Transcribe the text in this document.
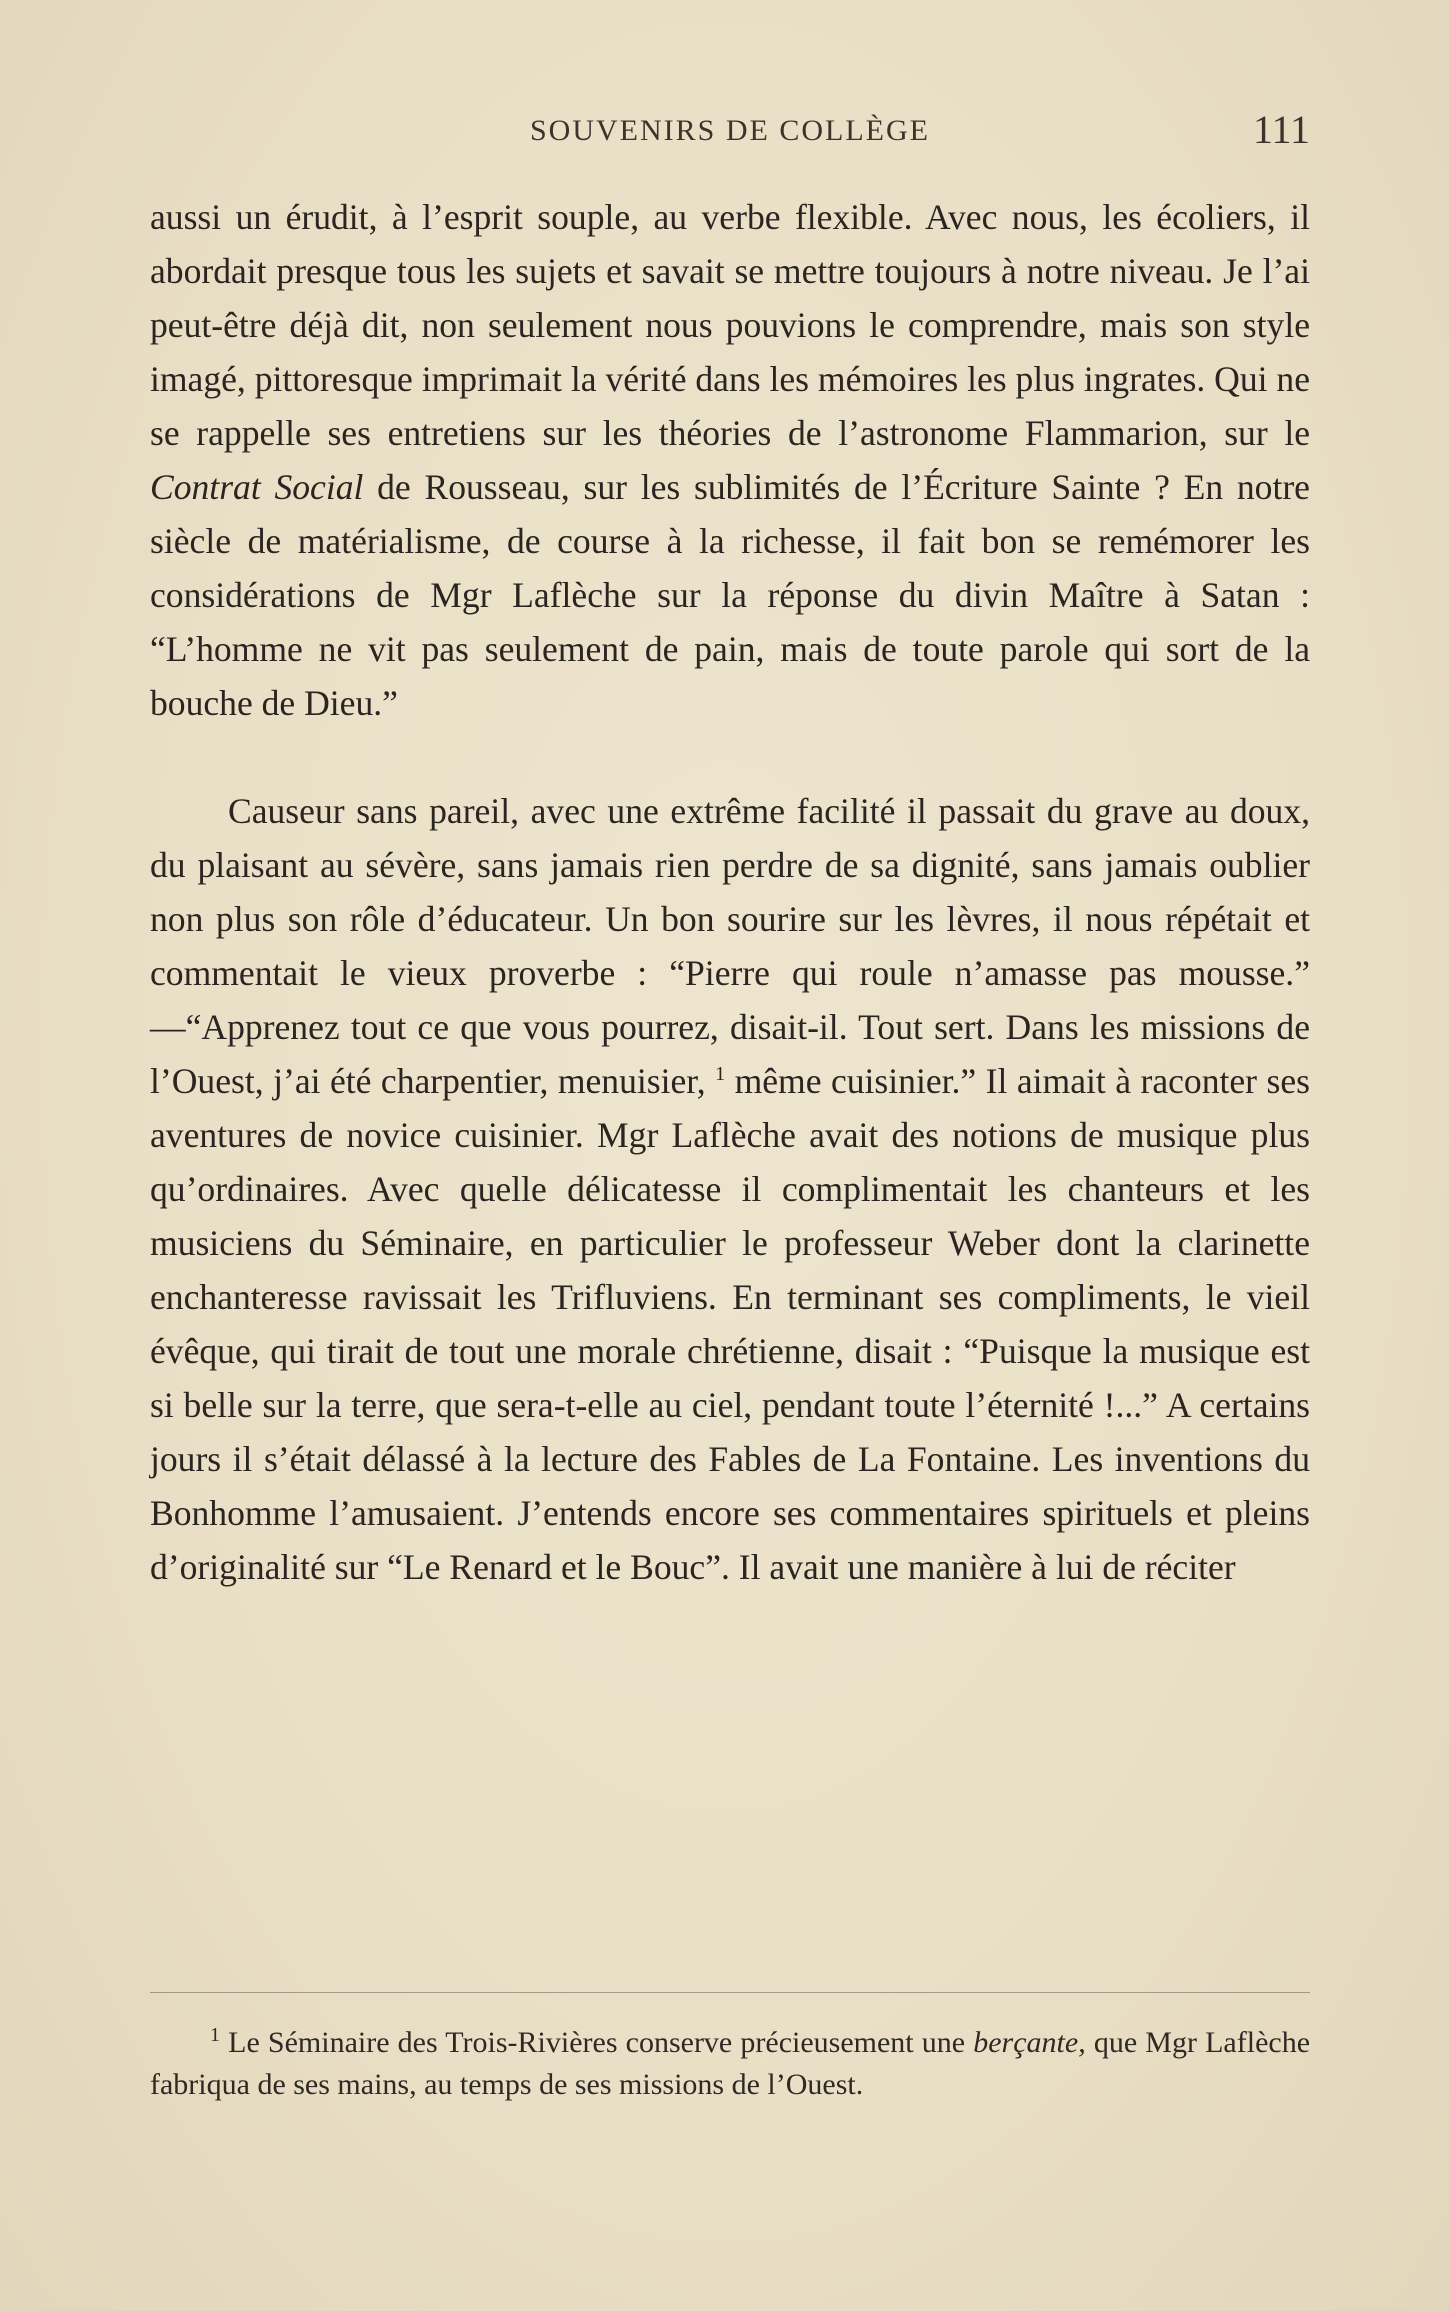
SOUVENIRS DE COLLÈGE	111

aussi un érudit, à l’esprit souple, au verbe flexible. Avec nous, les écoliers, il abordait presque tous les sujets et savait se mettre toujours à notre niveau. Je l’ai peut-être déjà dit, non seulement nous pouvions le comprendre, mais son style imagé, pittoresque imprimait la vérité dans les mémoires les plus ingrates. Qui ne se rappelle ses entretiens sur les théories de l’astronome Flammarion, sur le Contrat Social de Rousseau, sur les sublimités de l’Écriture Sainte ? En notre siècle de matérialisme, de course à la richesse, il fait bon se remémorer les considérations de Mgr Laflèche sur la réponse du divin Maître à Satan : “L’homme ne vit pas seulement de pain, mais de toute parole qui sort de la bouche de Dieu.”

Causeur sans pareil, avec une extrême facilité il passait du grave au doux, du plaisant au sévère, sans jamais rien perdre de sa dignité, sans jamais oublier non plus son rôle d’éducateur. Un bon sourire sur les lèvres, il nous répétait et commentait le vieux proverbe : “Pierre qui roule n’amasse pas mousse.” —“Apprenez tout ce que vous pourrez, disait-il. Tout sert. Dans les missions de l’Ouest, j’ai été charpentier, menuisier, $^1$ même cuisinier.” Il aimait à raconter ses aventures de novice cuisinier. Mgr Laflèche avait des notions de musique plus qu’ordinaires. Avec quelle délicatesse il complimentait les chanteurs et les musiciens du Séminaire, en particulier le professeur Weber dont la clarinette enchanteresse ravissait les Trifluviens. En terminant ses compliments, le vieil évêque, qui tirait de tout une morale chrétienne, disait : “Puisque la musique est si belle sur la terre, que sera-t-elle au ciel, pendant toute l’éternité !...” A certains jours il s’était délassé à la lecture des Fables de La Fontaine. Les inventions du Bonhomme l’amusaient. J’entends encore ses commentaires spirituels et pleins d’originalité sur “Le Renard et le Bouc”. Il avait une manière à lui de réciter

$^1$ Le Séminaire des Trois-Rivières conserve précieusement une berçante, que Mgr Laflèche fabriqua de ses mains, au temps de ses missions de l’Ouest.
